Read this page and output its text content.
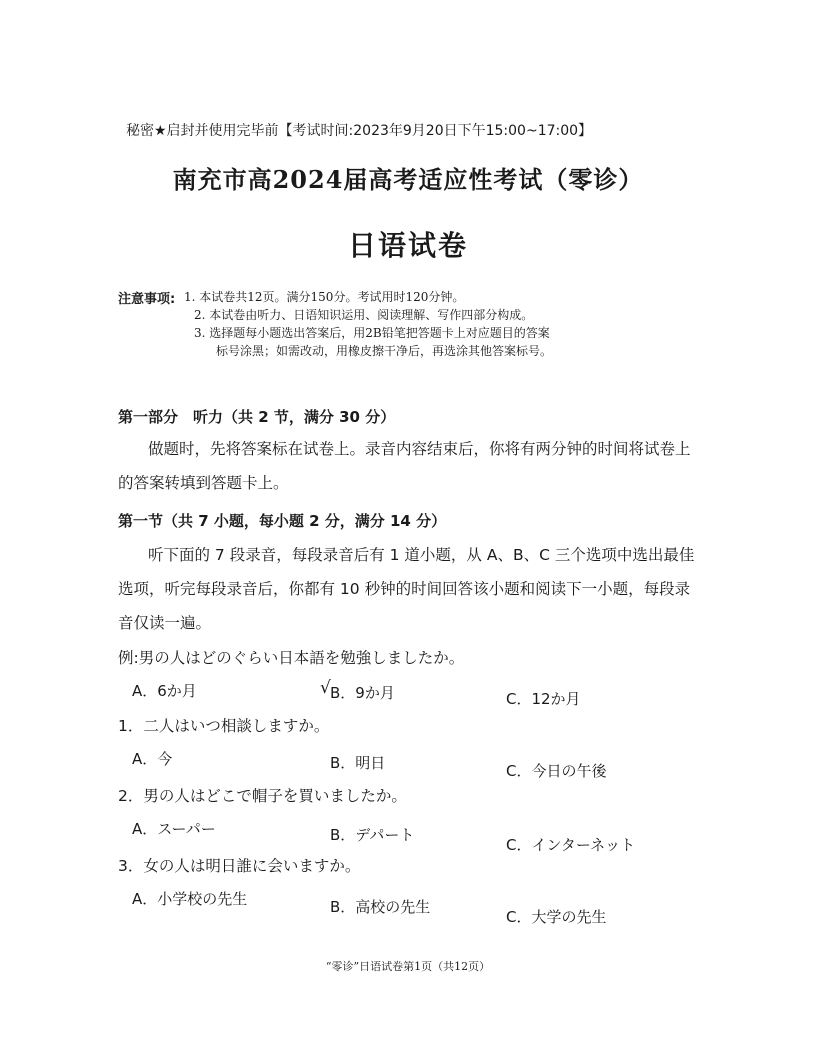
秘密★启封并使用完毕前【考试时间:2023年9月20日下午15:00~17:00】
南充市高2024届高考适应性考试（零诊）
日语试卷
注意事项: 1. 本试卷共12页。满分150分。考试用时120分钟。
2. 本试卷由听力、日语知识运用、阅读理解、写作四部分构成。
3. 选择题每小题选出答案后，用2B铅笔把答题卡上对应题目的答案
标号涂黑；如需改动，用橡皮擦干净后，再选涂其他答案标号。
第一部分　听力（共 2 节，满分 30 分）
做题时，先将答案标在试卷上。录音内容结束后，你将有两分钟的时间将试卷上的答案转填到答题卡上。
第一节（共 7 小题，每小题 2 分，满分 14 分）
听下面的 7 段录音，每段录音后有 1 道小题，从 A、B、C 三个选项中选出最佳选项，听完每段录音后，你都有 10 秒钟的时间回答该小题和阅读下一小题，每段录音仅读一遍。
例:男の人はどのぐらい日本語を勉強しましたか。
A．6か月	√ B．9か月	C．12か月
1．二人はいつ相談しますか。
A．今	B．明日	C．今日の午後
2．男の人はどこで帽子を買いましたか。
A．スーパー	B．デパート
C．インターネット
3．女の人は明日誰に会いますか。
A．小学校の先生	B．高校の先生
C．大学の先生
“零诊”日语试卷第1页（共12页）
